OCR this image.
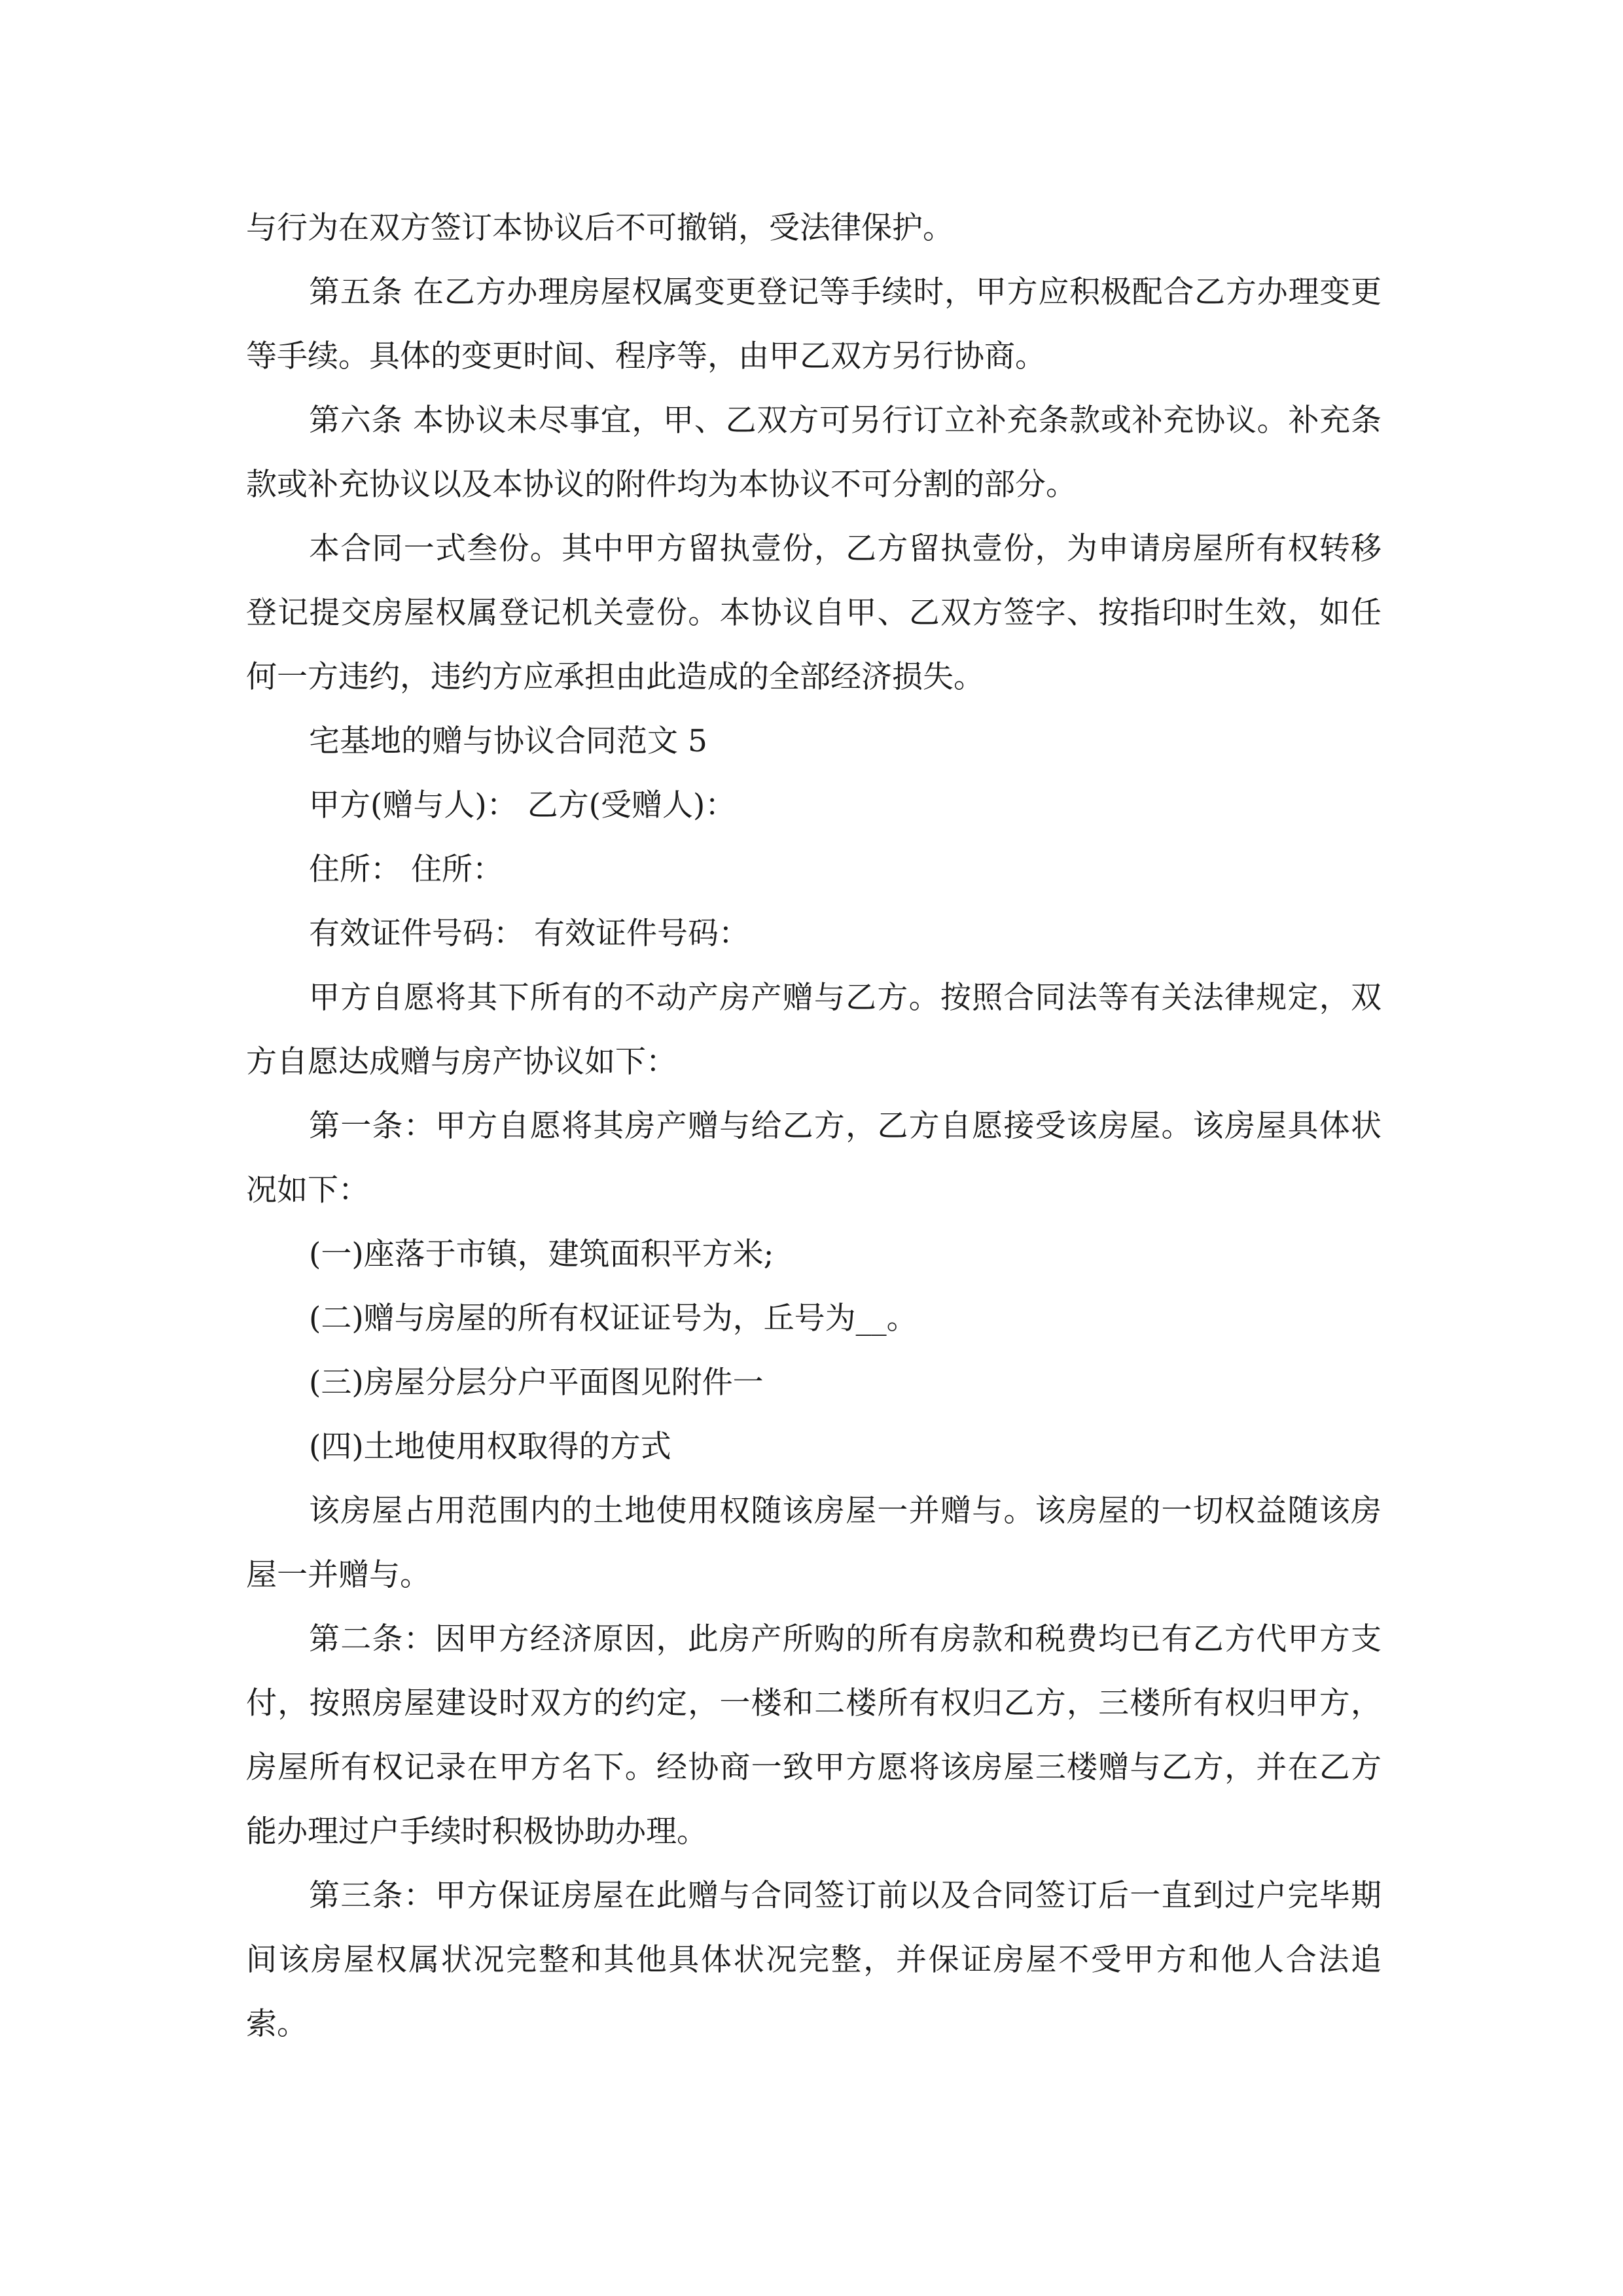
与行为在双方签订本协议后不可撤销，受法律保护。

第五条 在乙方办理房屋权属变更登记等手续时，甲方应积极配合乙方办理变更等手续。具体的变更时间、程序等，由甲乙双方另行协商。

第六条 本协议未尽事宜，甲、乙双方可另行订立补充条款或补充协议。补充条款或补充协议以及本协议的附件均为本协议不可分割的部分。

本合同一式叁份。其中甲方留执壹份，乙方留执壹份，为申请房屋所有权转移登记提交房屋权属登记机关壹份。本协议自甲、乙双方签字、按指印时生效，如任何一方违约，违约方应承担由此造成的全部经济损失。

宅基地的赠与协议合同范文 5

甲方(赠与人)： 乙方(受赠人)：

住所： 住所：

有效证件号码： 有效证件号码：

甲方自愿将其下所有的不动产房产赠与乙方。按照合同法等有关法律规定，双方自愿达成赠与房产协议如下：

第一条：甲方自愿将其房产赠与给乙方，乙方自愿接受该房屋。该房屋具体状况如下：

(一)座落于市镇，建筑面积平方米;

(二)赠与房屋的所有权证证号为，丘号为__。

(三)房屋分层分户平面图见附件一

(四)土地使用权取得的方式

该房屋占用范围内的土地使用权随该房屋一并赠与。该房屋的一切权益随该房屋一并赠与。

第二条：因甲方经济原因，此房产所购的所有房款和税费均已有乙方代甲方支付，按照房屋建设时双方的约定，一楼和二楼所有权归乙方，三楼所有权归甲方，房屋所有权记录在甲方名下。经协商一致甲方愿将该房屋三楼赠与乙方，并在乙方能办理过户手续时积极协助办理。

第三条：甲方保证房屋在此赠与合同签订前以及合同签订后一直到过户完毕期间该房屋权属状况完整和其他具体状况完整，并保证房屋不受甲方和他人合法追索。
